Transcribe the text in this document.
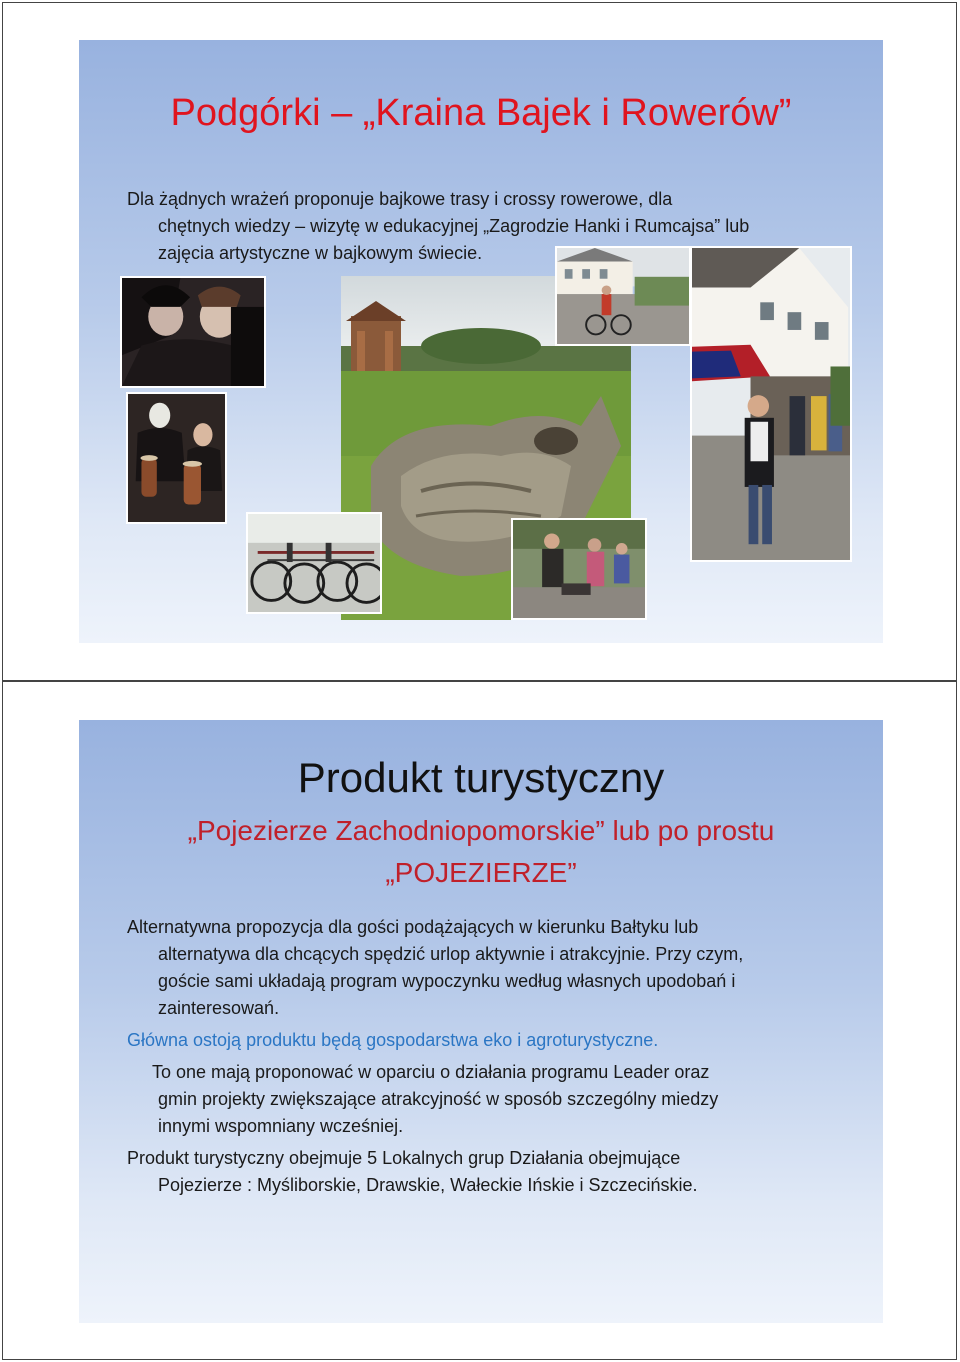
Podgórki – „Kraina Bajek i Rowerów”
Dla żądnych wrażeń proponuje bajkowe trasy i crossy rowerowe, dla
chętnych wiedzy – wizytę w edukacyjnej „Zagrodzie Hanki i Rumcajsa” lub
zajęcia artystyczne w bajkowym świecie.
Produkt turystyczny
„Pojezierze Zachodniopomorskie” lub po prostu
„POJEZIERZE”

Alternatywna propozycja dla gości podążających w kierunku Bałtyku lub
alternatywa dla chcących spędzić urlop aktywnie i atrakcyjnie. Przy czym,
goście sami układają program wypoczynku według własnych upodobań i
zainteresowań.

Główna ostoją produktu będą gospodarstwa eko i agroturystyczne.

To one mają proponować w oparciu o działania programu Leader oraz
gmin projekty zwiększające atrakcyjność w sposób szczególny miedzy
innymi wspomniany wcześniej.

Produkt turystyczny obejmuje 5 Lokalnych grup Działania obejmujące
Pojezierze : Myśliborskie, Drawskie, Wałeckie Ińskie i Szczecińskie.
